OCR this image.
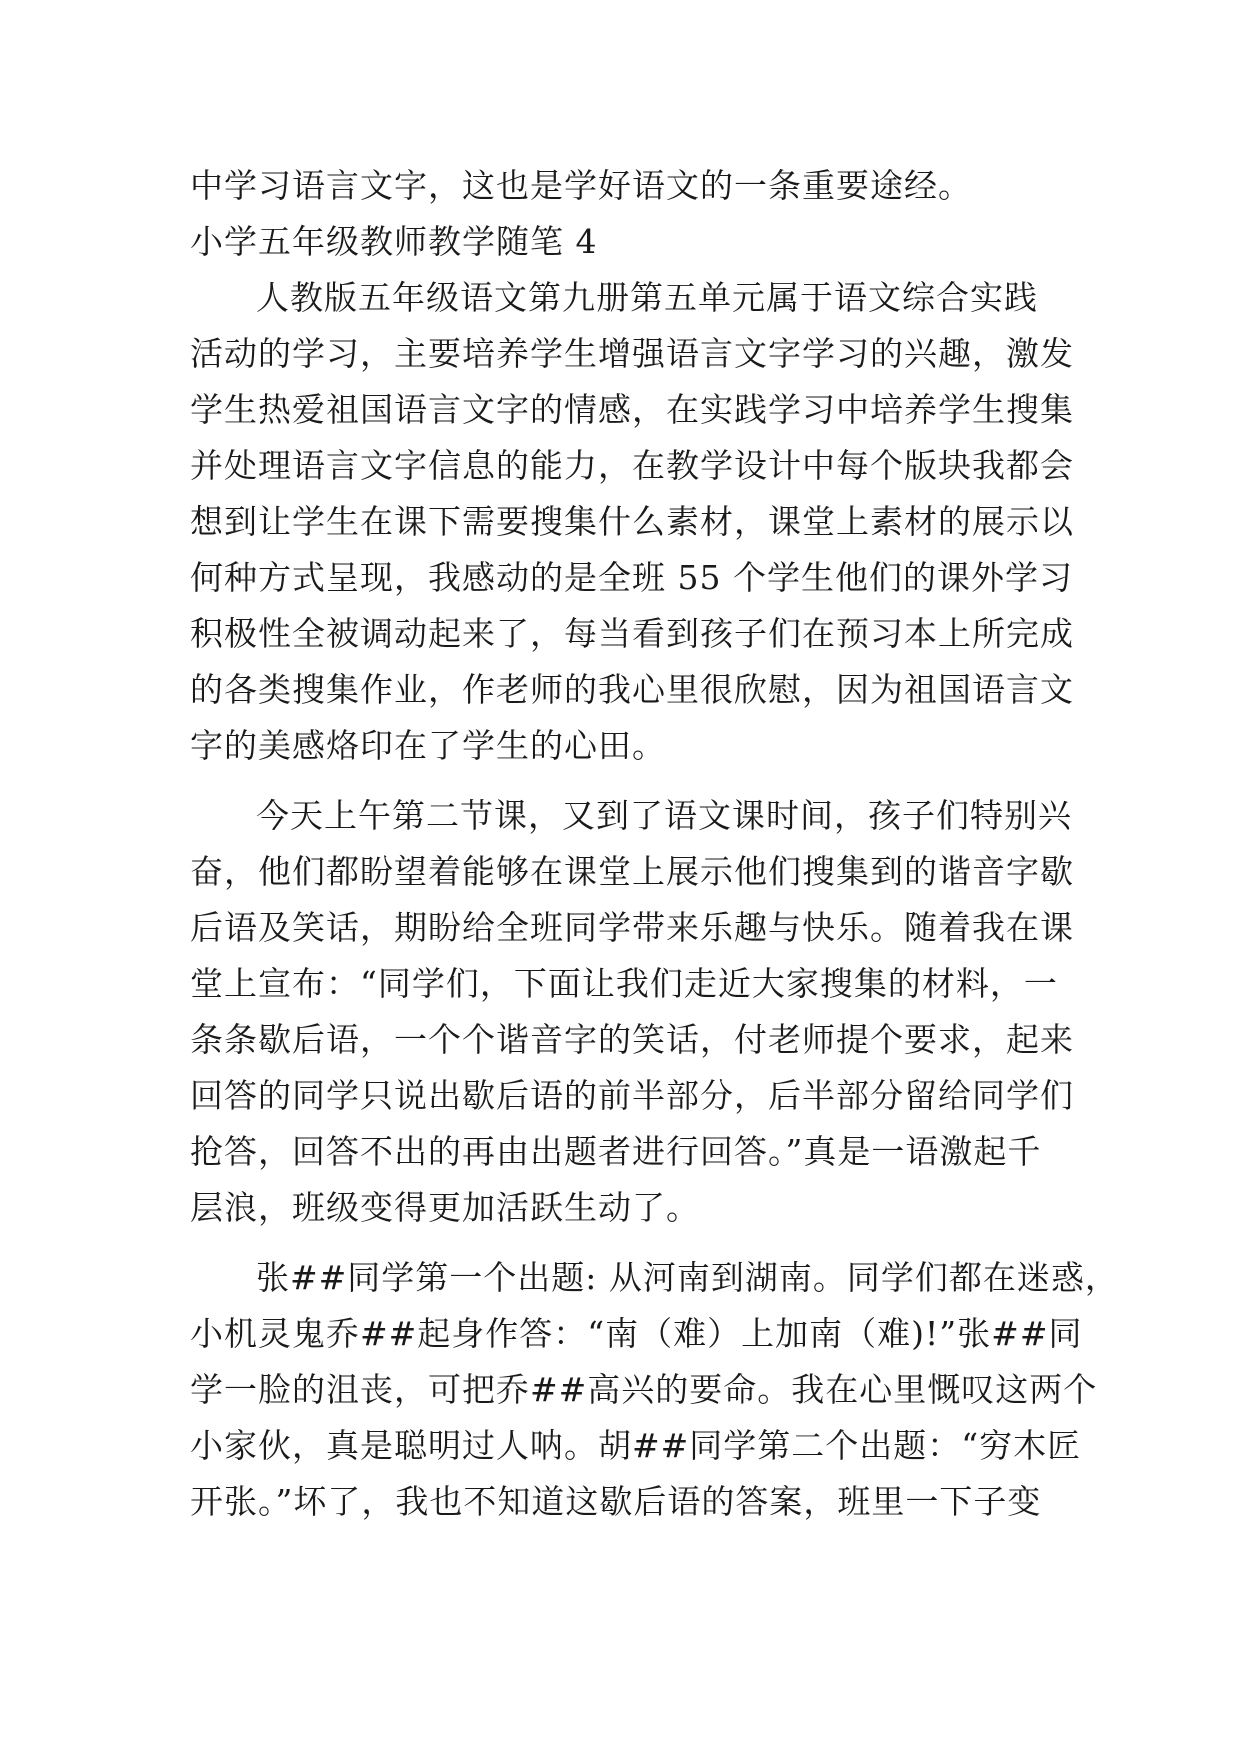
中学习语言文字，这也是学好语文的一条重要途经。
小学五年级教师教学随笔 4
人教版五年级语文第九册第五单元属于语文综合实践
活动的学习，主要培养学生增强语言文字学习的兴趣，激发
学生热爱祖国语言文字的情感，在实践学习中培养学生搜集
并处理语言文字信息的能力，在教学设计中每个版块我都会
想到让学生在课下需要搜集什么素材，课堂上素材的展示以
何种方式呈现，我感动的是全班 55 个学生他们的课外学习
积极性全被调动起来了，每当看到孩子们在预习本上所完成
的各类搜集作业，作老师的我心里很欣慰，因为祖国语言文
字的美感烙印在了学生的心田。
今天上午第二节课，又到了语文课时间，孩子们特别兴
奋，他们都盼望着能够在课堂上展示他们搜集到的谐音字歇
后语及笑话，期盼给全班同学带来乐趣与快乐。随着我在课
堂上宣布：“同学们，下面让我们走近大家搜集的材料，一
条条歇后语，一个个谐音字的笑话，付老师提个要求，起来
回答的同学只说出歇后语的前半部分，后半部分留给同学们
抢答，回答不出的再由出题者进行回答。”真是一语激起千
层浪，班级变得更加活跃生动了。
张##同学第一个出题: 从河南到湖南。同学们都在迷惑，
小机灵鬼乔##起身作答：“南（难）上加南（难)!”张##同
学一脸的沮丧，可把乔##高兴的要命。我在心里慨叹这两个
小家伙，真是聪明过人呐。胡##同学第二个出题：“穷木匠
开张。”坏了，我也不知道这歇后语的答案，班里一下子变
